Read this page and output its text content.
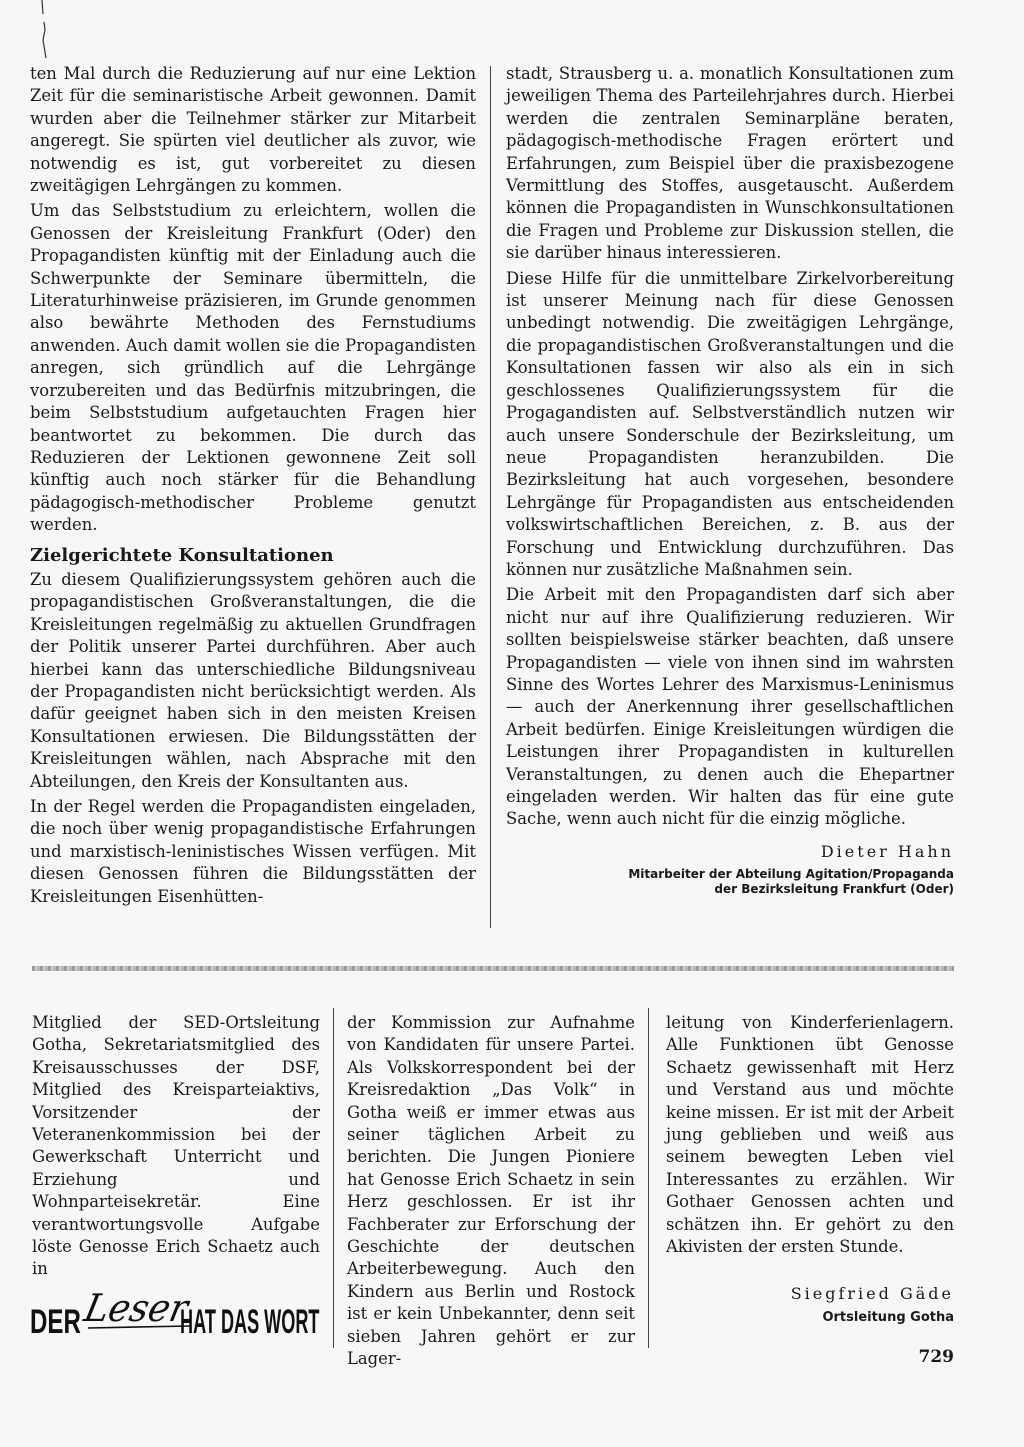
ten Mal durch die Reduzierung auf nur eine Lektion Zeit für die seminaristische Arbeit gewonnen. Damit wurden aber die Teilnehmer stärker zur Mitarbeit angeregt. Sie spürten viel deutlicher als zuvor, wie notwendig es ist, gut vorbereitet zu diesen zweitägigen Lehrgängen zu kommen.

Um das Selbststudium zu erleichtern, wollen die Genossen der Kreisleitung Frankfurt (Oder) den Propagandisten künftig mit der Einladung auch die Schwerpunkte der Seminare übermitteln, die Literaturhinweise präzisieren, im Grunde genommen also bewährte Methoden des Fernstudiums anwenden. Auch damit wollen sie die Propagandisten anregen, sich gründlich auf die Lehrgänge vorzubereiten und das Bedürfnis mitzubringen, die beim Selbststudium aufgetauchten Fragen hier beantwortet zu bekommen. Die durch das Reduzieren der Lektionen gewonnene Zeit soll künftig auch noch stärker für die Behandlung pädagogisch-methodischer Probleme genutzt werden.

Zielgerichtete Konsultationen

Zu diesem Qualifizierungssystem gehören auch die propagandistischen Großveranstaltungen, die die Kreisleitungen regelmäßig zu aktuellen Grundfragen der Politik unserer Partei durchführen. Aber auch hierbei kann das unterschiedliche Bildungsniveau der Propagandisten nicht berücksichtigt werden. Als dafür geeignet haben sich in den meisten Kreisen Konsultationen erwiesen. Die Bildungsstätten der Kreisleitungen wählen, nach Absprache mit den Abteilungen, den Kreis der Konsultanten aus.

In der Regel werden die Propagandisten eingeladen, die noch über wenig propagandistische Erfahrungen und marxistisch-leninistisches Wissen verfügen. Mit diesen Genossen führen die Bildungsstätten der Kreisleitungen Eisenhütten-

stadt, Strausberg u. a. monatlich Konsultationen zum jeweiligen Thema des Parteilehrjahres durch. Hierbei werden die zentralen Seminarpläne beraten, pädagogisch-methodische Fragen erörtert und Erfahrungen, zum Beispiel über die praxisbezogene Vermittlung des Stoffes, ausgetauscht. Außerdem können die Propagandisten in Wunschkonsultationen die Fragen und Probleme zur Diskussion stellen, die sie darüber hinaus interessieren.

Diese Hilfe für die unmittelbare Zirkelvorbereitung ist unserer Meinung nach für diese Genossen unbedingt notwendig. Die zweitägigen Lehrgänge, die propagandistischen Großveranstaltungen und die Konsultationen fassen wir also als ein in sich geschlossenes Qualifizierungssystem für die Progagandisten auf. Selbstverständlich nutzen wir auch unsere Sonderschule der Bezirksleitung, um neue Propagandisten heranzubilden. Die Bezirksleitung hat auch vorgesehen, besondere Lehrgänge für Propagandisten aus entscheidenden volkswirtschaftlichen Bereichen, z. B. aus der Forschung und Entwicklung durchzuführen. Das können nur zusätzliche Maßnahmen sein.

Die Arbeit mit den Propagandisten darf sich aber nicht nur auf ihre Qualifizierung reduzieren. Wir sollten beispielsweise stärker beachten, daß unsere Propagandisten — viele von ihnen sind im wahrsten Sinne des Wortes Lehrer des Marxismus-Leninismus — auch der Anerkennung ihrer gesellschaftlichen Arbeit bedürfen. Einige Kreisleitungen würdigen die Leistungen ihrer Propagandisten in kulturellen Veranstaltungen, zu denen auch die Ehepartner eingeladen werden. Wir halten das für eine gute Sache, wenn auch nicht für die einzig mögliche.

Dieter Hahn
Mitarbeiter der Abteilung Agitation/Propaganda
der Bezirksleitung Frankfurt (Oder)

Mitglied der SED-Ortsleitung Gotha, Sekretariatsmitglied des Kreisausschusses der DSF, Mitglied des Kreisparteiaktivs, Vorsitzender der Veteranenkommission bei der Gewerkschaft Unterricht und Erziehung und Wohnparteisekretär. Eine verantwortungsvolle Aufgabe löste Genosse Erich Schaetz auch in

der Kommission zur Aufnahme von Kandidaten für unsere Partei. Als Volkskorrespondent bei der Kreisredaktion „Das Volk“ in Gotha weiß er immer etwas aus seiner täglichen Arbeit zu berichten. Die Jungen Pioniere hat Genosse Erich Schaetz in sein Herz geschlossen. Er ist ihr Fachberater zur Erforschung der Geschichte der deutschen Arbeiterbewegung. Auch den Kindern aus Berlin und Rostock ist er kein Unbekannter, denn seit sieben Jahren gehört er zur Lager-

leitung von Kinderferienlagern. Alle Funktionen übt Genosse Schaetz gewissenhaft mit Herz und Verstand aus und möchte keine missen. Er ist mit der Arbeit jung geblieben und weiß aus seinem bewegten Leben viel Interessantes zu erzählen. Wir Gothaer Genossen achten und schätzen ihn. Er gehört zu den Akivisten der ersten Stunde.

DER Leser
HAT DAS WORT
Siegfried Gäde
Ortsleitung Gotha
729
